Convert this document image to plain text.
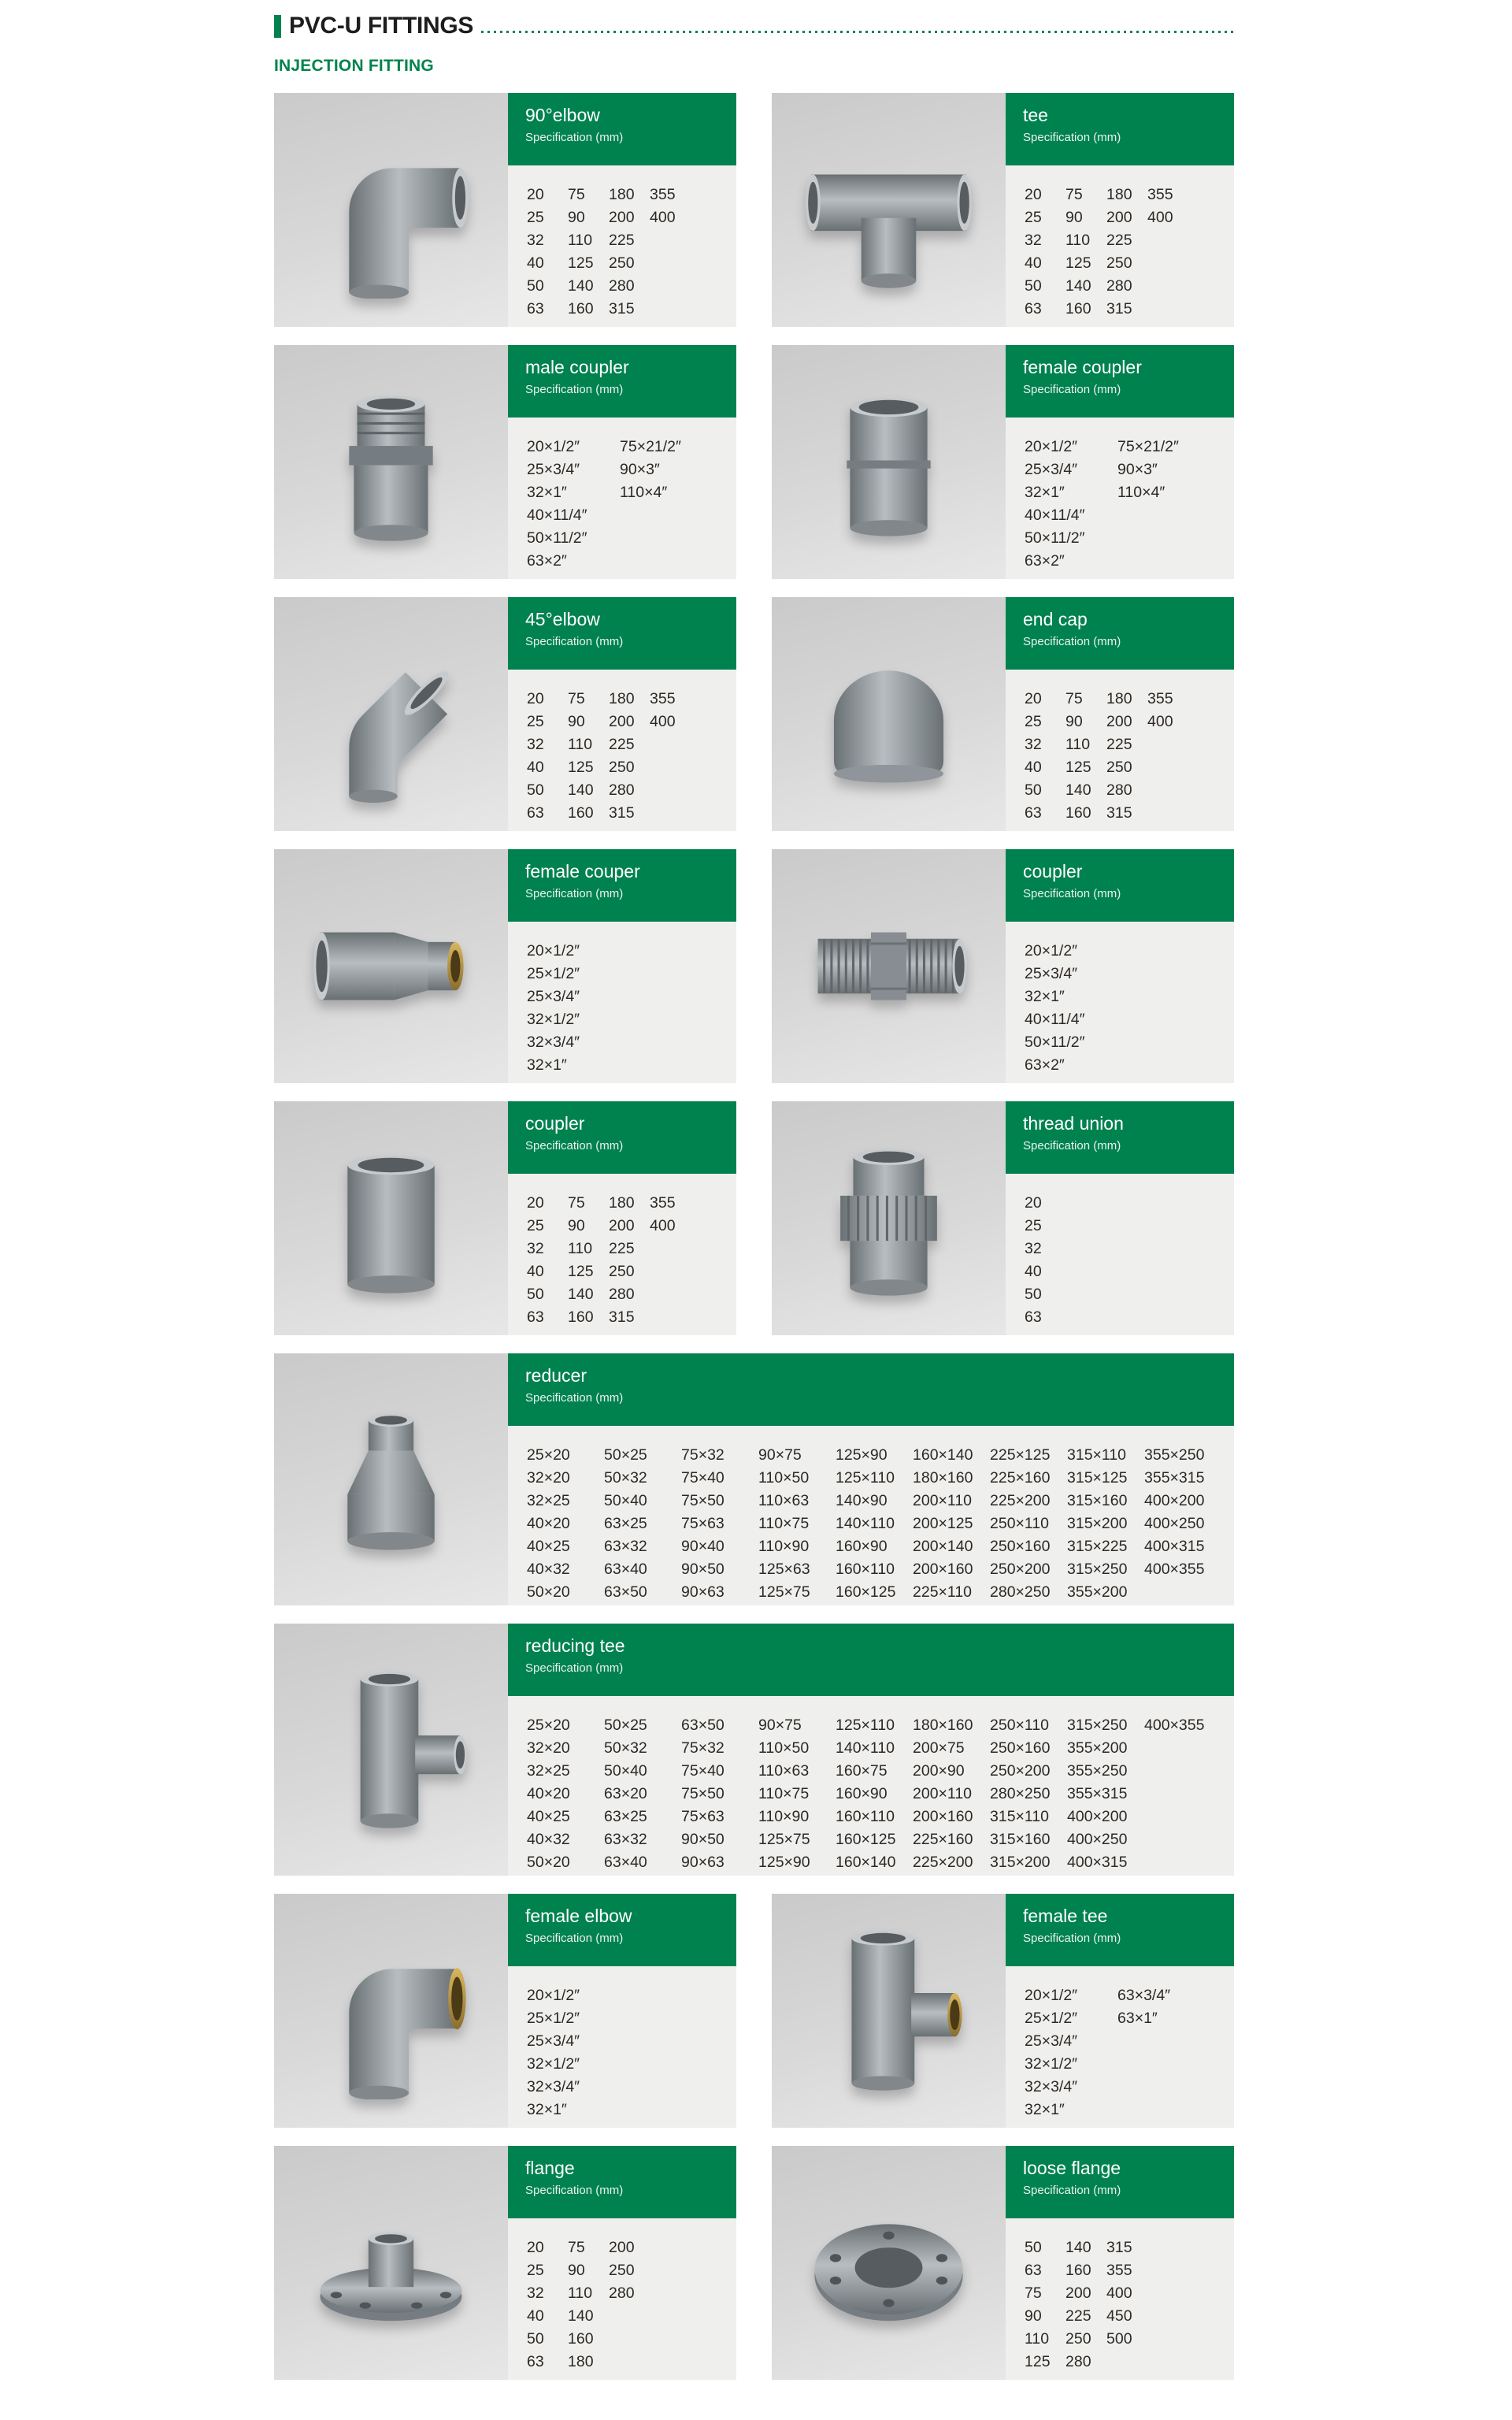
PVC-U FITTINGS
INJECTION FITTING
90°elbow
Specification (mm)
20
25
32
40
50
63
75
90
110
125
140
160
180
200
225
250
280
315
355
400
tee
Specification (mm)
20
25
32
40
50
63
75
90
110
125
140
160
180
200
225
250
280
315
355
400
male coupler
Specification (mm)
20×1/2″
25×3/4″
32×1″
40×11/4″
50×11/2″
63×2″
75×21/2″
90×3″
110×4″
female coupler
Specification (mm)
20×1/2″
25×3/4″
32×1″
40×11/4″
50×11/2″
63×2″
75×21/2″
90×3″
110×4″
45°elbow
Specification (mm)
20
25
32
40
50
63
75
90
110
125
140
160
180
200
225
250
280
315
355
400
end cap
Specification (mm)
20
25
32
40
50
63
75
90
110
125
140
160
180
200
225
250
280
315
355
400
female couper
Specification (mm)
20×1/2″
25×1/2″
25×3/4″
32×1/2″
32×3/4″
32×1″
coupler
Specification (mm)
20×1/2″
25×3/4″
32×1″
40×11/4″
50×11/2″
63×2″
coupler
Specification (mm)
20
25
32
40
50
63
75
90
110
125
140
160
180
200
225
250
280
315
355
400
thread union
Specification (mm)
20
25
32
40
50
63
reducer
Specification (mm)
25×20
32×20
32×25
40×20
40×25
40×32
50×20
50×25
50×32
50×40
63×25
63×32
63×40
63×50
75×32
75×40
75×50
75×63
90×40
90×50
90×63
90×75
110×50
110×63
110×75
110×90
125×63
125×75
125×90
125×110
140×90
140×110
160×90
160×110
160×125
160×140
180×160
200×110
200×125
200×140
200×160
225×110
225×125
225×160
225×200
250×110
250×160
250×200
280×250
315×110
315×125
315×160
315×200
315×225
315×250
355×200
355×250
355×315
400×200
400×250
400×315
400×355
reducing tee
Specification (mm)
25×20
32×20
32×25
40×20
40×25
40×32
50×20
50×25
50×32
50×40
63×20
63×25
63×32
63×40
63×50
75×32
75×40
75×50
75×63
90×50
90×63
90×75
110×50
110×63
110×75
110×90
125×75
125×90
125×110
140×110
160×75
160×90
160×110
160×125
160×140
180×160
200×75
200×90
200×110
200×160
225×160
225×200
250×110
250×160
250×200
280×250
315×110
315×160
315×200
315×250
355×200
355×250
355×315
400×200
400×250
400×315
400×355
female elbow
Specification (mm)
20×1/2″
25×1/2″
25×3/4″
32×1/2″
32×3/4″
32×1″
female tee
Specification (mm)
20×1/2″
25×1/2″
25×3/4″
32×1/2″
32×3/4″
32×1″
63×3/4″
63×1″
flange
Specification (mm)
20
25
32
40
50
63
75
90
110
140
160
180
200
250
280
loose flange
Specification (mm)
50
63
75
90
110
125
140
160
200
225
250
280
315
355
400
450
500
